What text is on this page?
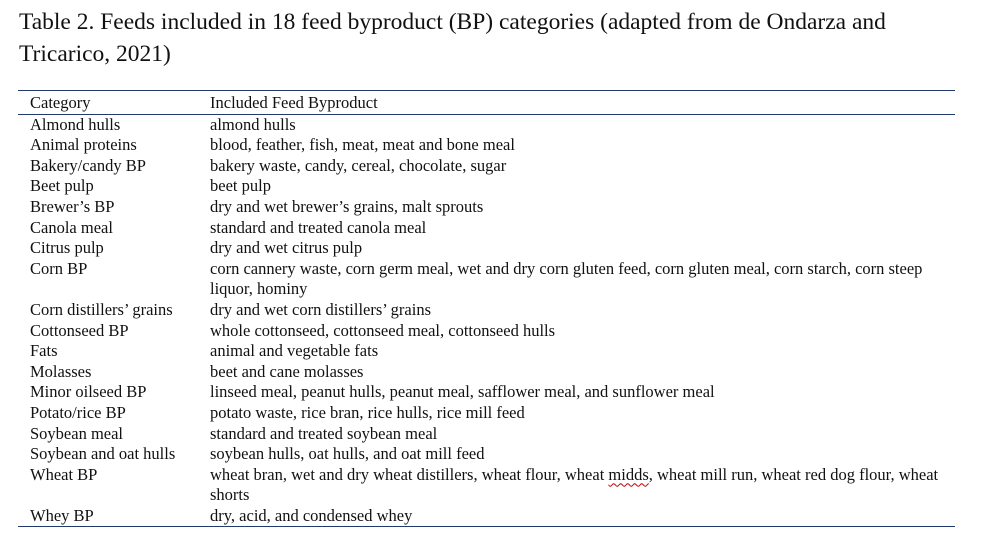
Table 2. Feeds included in 18 feed byproduct (BP) categories (adapted from de Ondarza and
Tricarico, 2021)
Category	Included Feed Byproduct
Almond hulls	almond hulls
Animal proteins	blood, feather, fish, meat, meat and bone meal
Bakery/candy BP	bakery waste, candy, cereal, chocolate, sugar
Beet pulp	beet pulp
Brewer’s BP	dry and wet brewer’s grains, malt sprouts
Canola meal	standard and treated canola meal
Citrus pulp	dry and wet citrus pulp
Corn BP	corn cannery waste, corn germ meal, wet and dry corn gluten feed, corn gluten meal, corn starch, corn steep liquor, hominy
Corn distillers’ grains	dry and wet corn distillers’ grains
Cottonseed BP	whole cottonseed, cottonseed meal, cottonseed hulls
Fats	animal and vegetable fats
Molasses	beet and cane molasses
Minor oilseed BP	linseed meal, peanut hulls, peanut meal, safflower meal, and sunflower meal
Potato/rice BP	potato waste, rice bran, rice hulls, rice mill feed
Soybean meal	standard and treated soybean meal
Soybean and oat hulls	soybean hulls, oat hulls, and oat mill feed
Wheat BP	wheat bran, wet and dry wheat distillers, wheat flour, wheat midds, wheat mill run, wheat red dog flour, wheat shorts
Whey BP	dry, acid, and condensed whey
